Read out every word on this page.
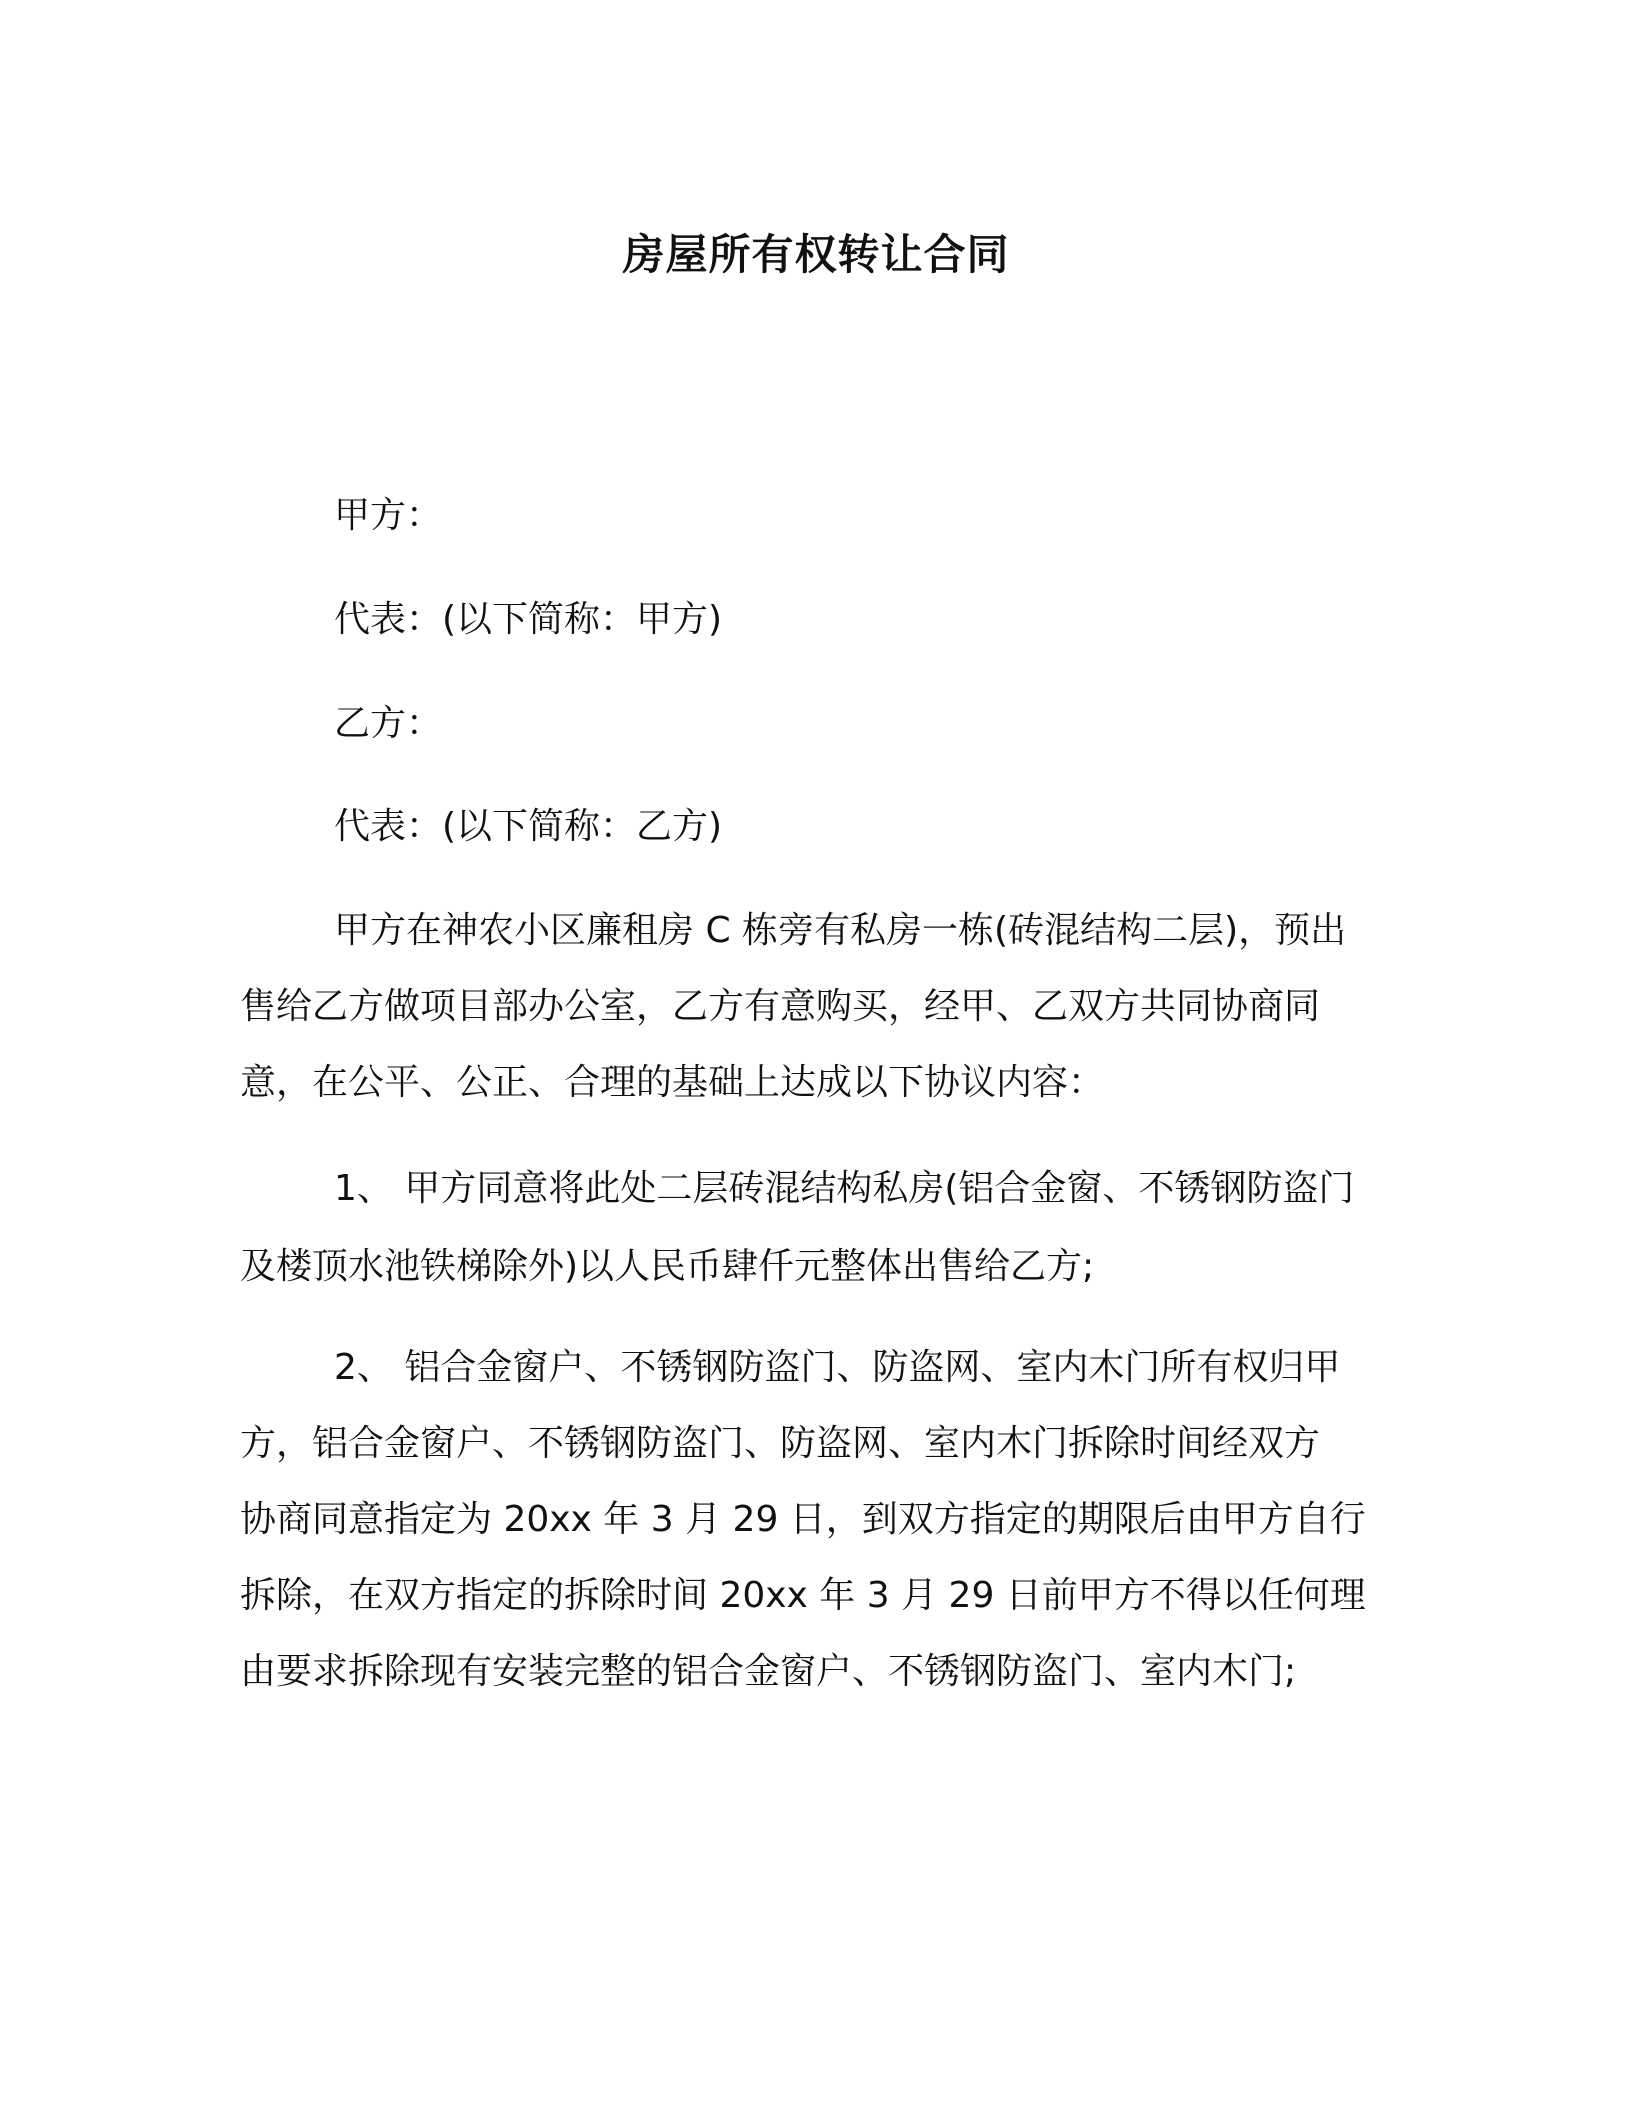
房屋所有权转让合同
甲方：
代表：(以下简称：甲方)
乙方：
代表：(以下简称：乙方)
甲方在神农小区廉租房 C 栋旁有私房一栋(砖混结构二层)，预出
售给乙方做项目部办公室，乙方有意购买，经甲、乙双方共同协商同
意，在公平、公正、合理的基础上达成以下协议内容：
1、 甲方同意将此处二层砖混结构私房(铝合金窗、不锈钢防盗门
及楼顶水池铁梯除外)以人民币肆仟元整体出售给乙方;
2、 铝合金窗户、不锈钢防盗门、防盗网、室内木门所有权归甲
方，铝合金窗户、不锈钢防盗门、防盗网、室内木门拆除时间经双方
协商同意指定为 20xx 年 3 月 29 日，到双方指定的期限后由甲方自行
拆除，在双方指定的拆除时间 20xx 年 3 月 29 日前甲方不得以任何理
由要求拆除现有安装完整的铝合金窗户、不锈钢防盗门、室内木门;
